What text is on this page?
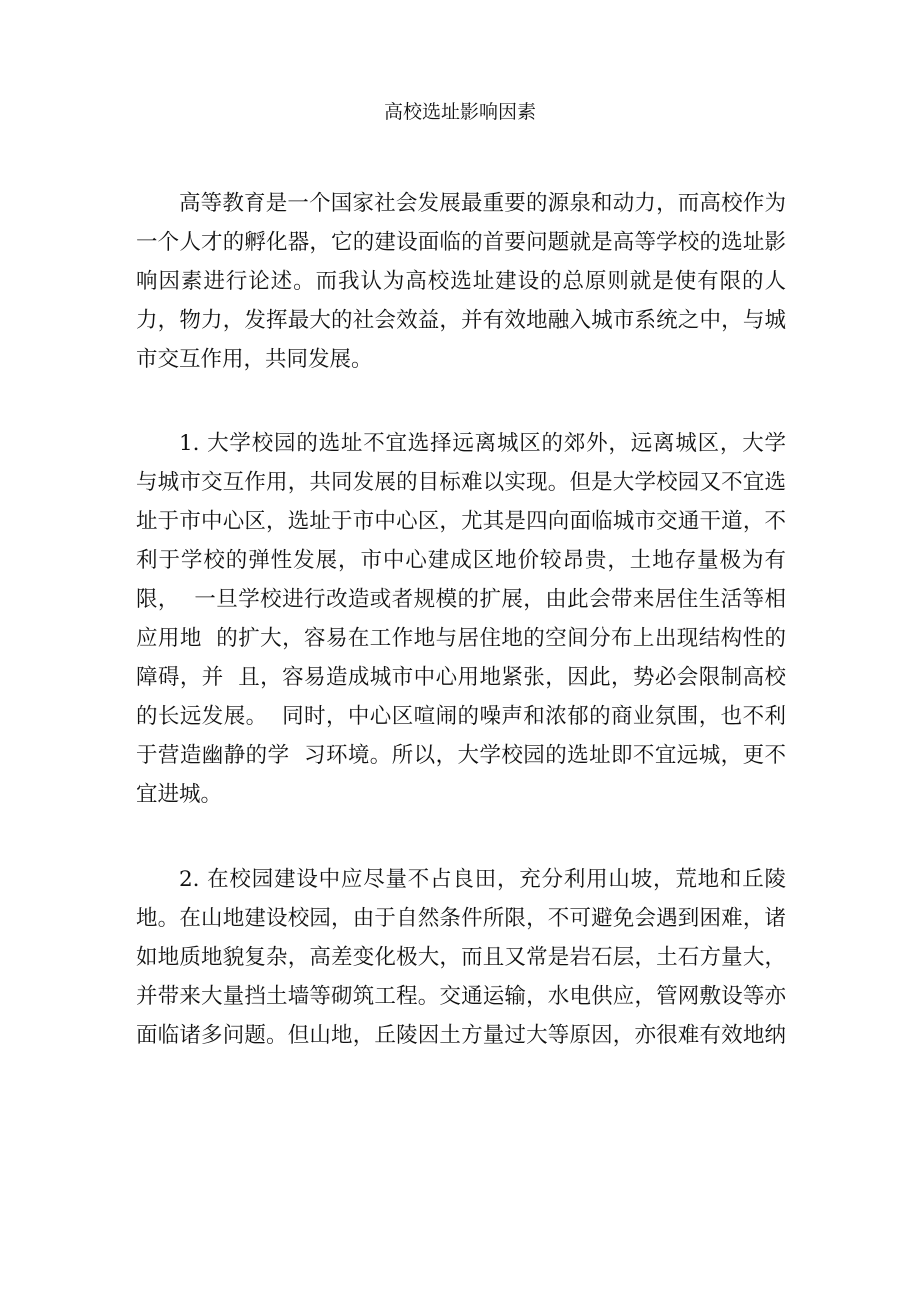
高校选址影响因素
高等教育是一个国家社会发展最重要的源泉和动力，而高校作为
一个人才的孵化器，它的建设面临的首要问题就是高等学校的选址影
响因素进行论述。而我认为高校选址建设的总原则就是使有限的人
力，物力，发挥最大的社会效益，并有效地融入城市系统之中，与城
市交互作用，共同发展。
1. 大学校园的选址不宜选择远离城区的郊外，远离城区，大学
与城市交互作用，共同发展的目标难以实现。但是大学校园又不宜选
址于市中心区，选址于市中心区，尤其是四向面临城市交通干道，不
利于学校的弹性发展，市中心建成区地价较昂贵，土地存量极为有
限，  一旦学校进行改造或者规模的扩展，由此会带来居住生活等相
应用地  的扩大，容易在工作地与居住地的空间分布上出现结构性的
障碍，并  且，容易造成城市中心用地紧张，因此，势必会限制高校
的长远发展。  同时，中心区喧闹的噪声和浓郁的商业氛围，也不利
于营造幽静的学  习环境。所以，大学校园的选址即不宜远城，更不
宜进城。
2. 在校园建设中应尽量不占良田，充分利用山坡，荒地和丘陵
地。在山地建设校园，由于自然条件所限，不可避免会遇到困难，诸
如地质地貌复杂，高差变化极大，而且又常是岩石层，土石方量大，
并带来大量挡土墙等砌筑工程。交通运输，水电供应，管网敷设等亦
面临诸多问题。但山地，丘陵因土方量过大等原因，亦很难有效地纳
